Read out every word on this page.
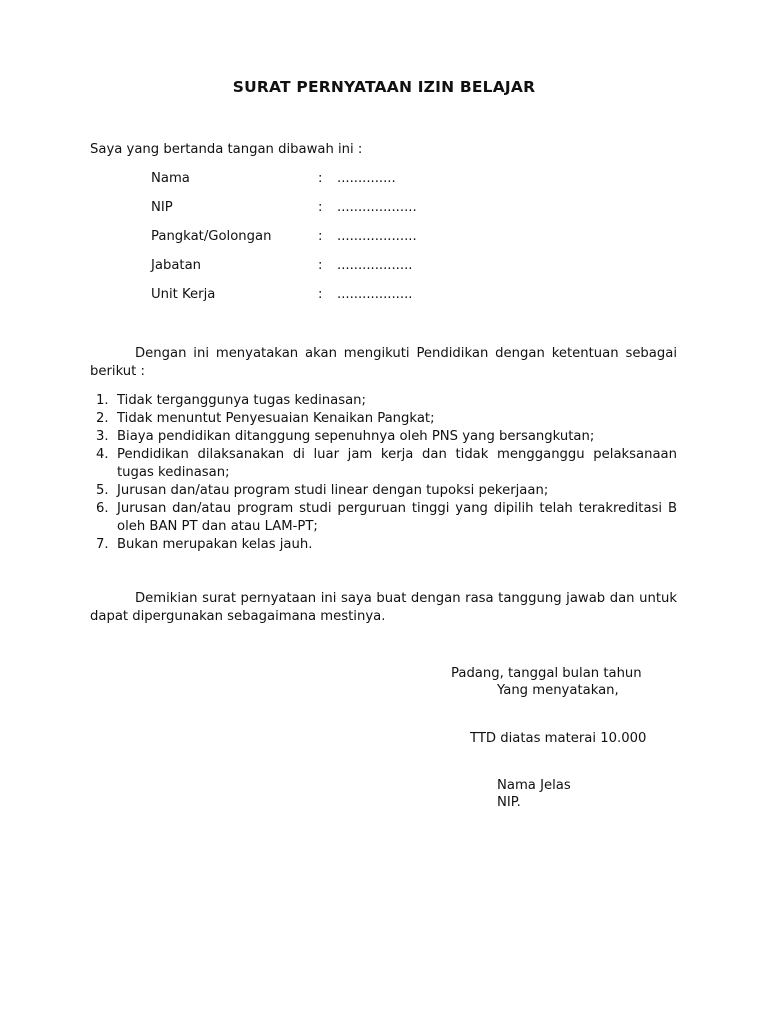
SURAT PERNYATAAN IZIN BELAJAR
Saya yang bertanda tangan dibawah ini :
Nama	:	..............
NIP	:	...................
Pangkat/Golongan	:	...................
Jabatan	:	..................
Unit Kerja	:	..................
Dengan ini menyatakan akan mengikuti Pendidikan dengan ketentuan sebagai berikut :
1. Tidak terganggunya tugas kedinasan;
2. Tidak menuntut Penyesuaian Kenaikan Pangkat;
3. Biaya pendidikan ditanggung sepenuhnya oleh PNS yang bersangkutan;
4. Pendidikan dilaksanakan di luar jam kerja dan tidak mengganggu pelaksanaan tugas kedinasan;
5. Jurusan dan/atau program studi linear dengan tupoksi pekerjaan;
6. Jurusan dan/atau program studi perguruan tinggi yang dipilih telah terakreditasi B oleh BAN PT dan atau LAM-PT;
7. Bukan merupakan kelas jauh.
Demikian surat pernyataan ini saya buat dengan rasa tanggung jawab dan untuk dapat dipergunakan sebagaimana mestinya.
Padang, tanggal bulan tahun
Yang menyatakan,
TTD diatas materai 10.000
Nama Jelas
NIP.
